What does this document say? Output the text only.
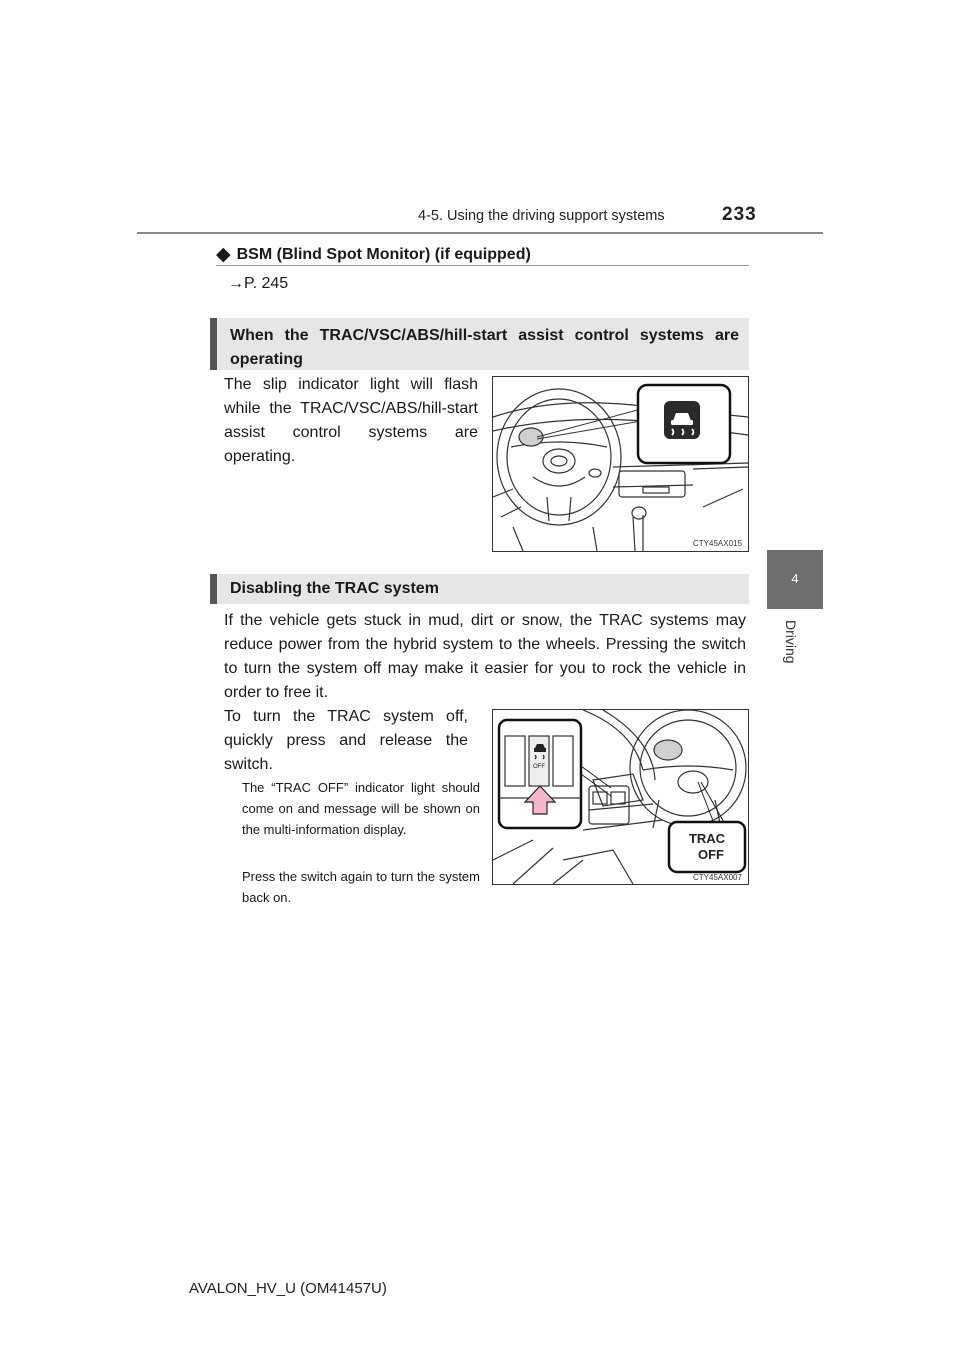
4-5. Using the driving support systems	233
4
Driving
◆ BSM (Blind Spot Monitor) (if equipped)
→P. 245
When the TRAC/VSC/ABS/hill-start assist control systems are operating
The slip indicator light will flash while the TRAC/VSC/ABS/hill-start assist control systems are operating.
CTY45AX015
Disabling the TRAC system
If the vehicle gets stuck in mud, dirt or snow, the TRAC systems may reduce power from the hybrid system to the wheels. Pressing the switch to turn the system off may make it easier for you to rock the vehicle in order to free it.
To turn the TRAC system off, quickly press and release the switch.
The “TRAC OFF” indicator light should come on and message will be shown on the multi-information display.
Press the switch again to turn the system back on.
OFF
TRAC
OFF
CTY45AX007
AVALON_HV_U (OM41457U)
